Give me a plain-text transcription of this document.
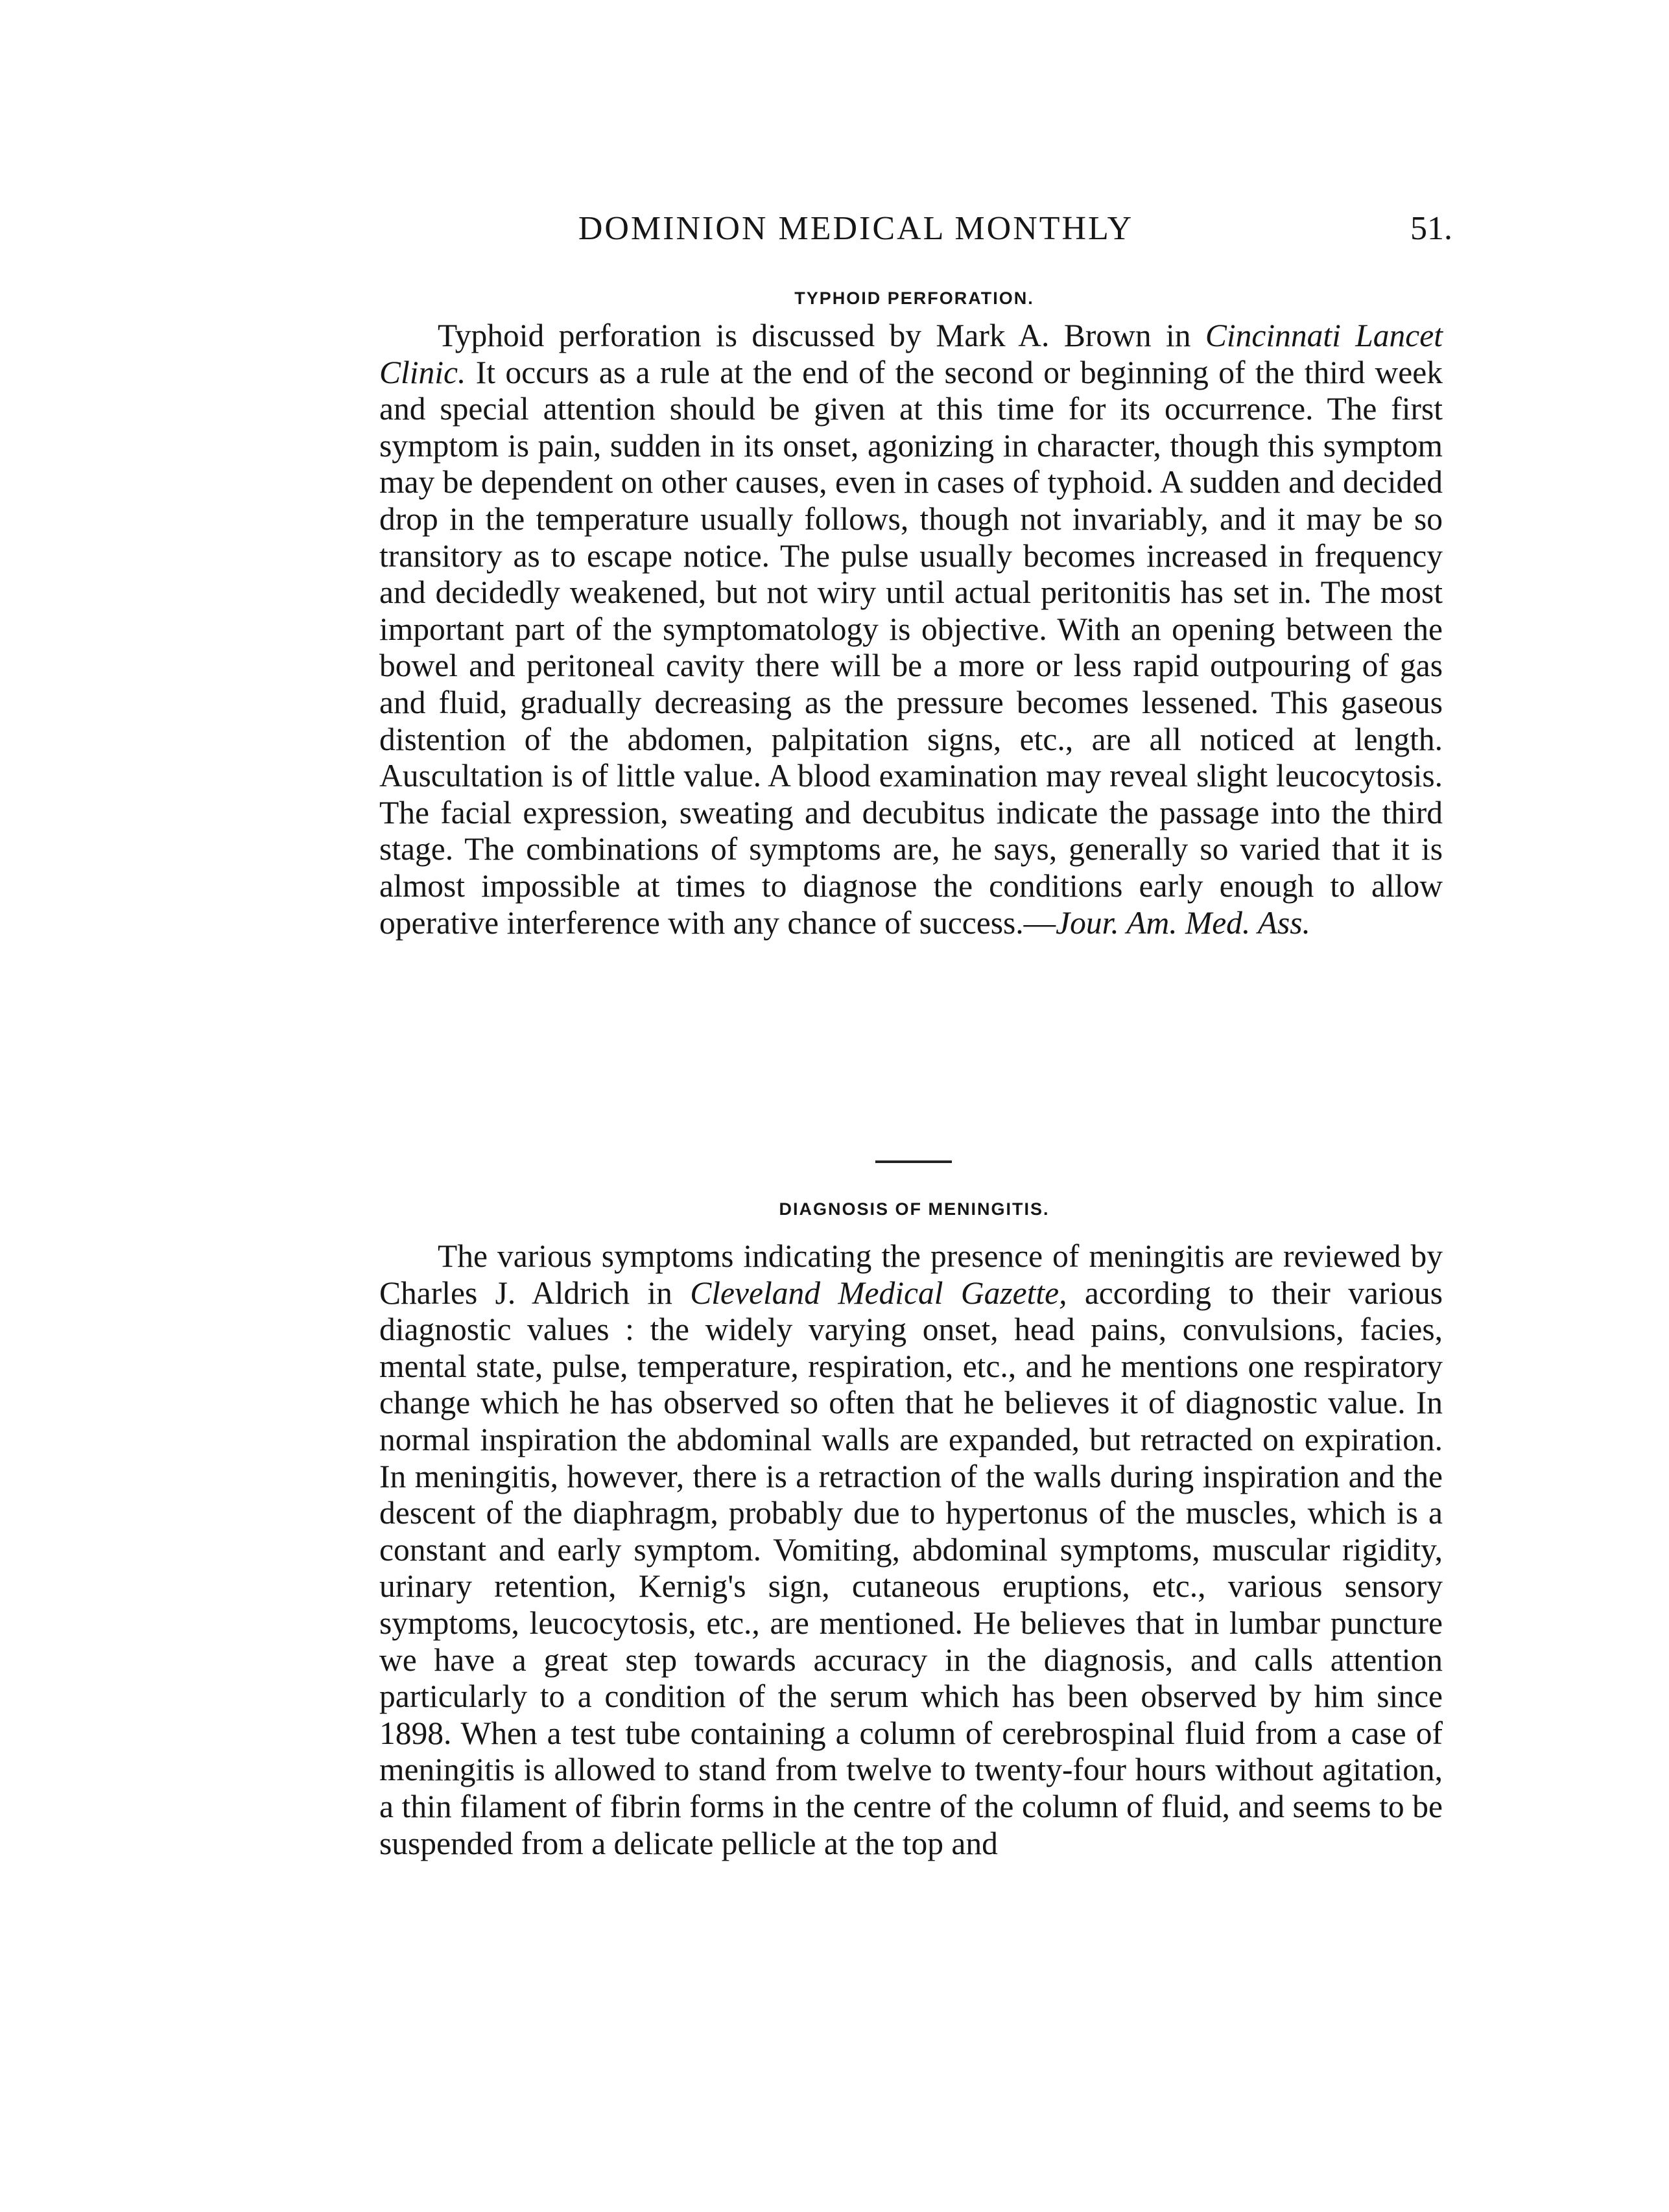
DOMINION MEDICAL MONTHLY	51.
TYPHOID PERFORATION.

Typhoid perforation is discussed by Mark A. Brown in Cincinnati Lancet Clinic. It occurs as a rule at the end of the second or beginning of the third week and special attention should be given at this time for its occurrence. The first symptom is pain, sudden in its onset, agonizing in character, though this symptom may be dependent on other causes, even in cases of typhoid. A sudden and decided drop in the temperature usually follows, though not invariably, and it may be so transitory as to escape notice. The pulse usually becomes increased in frequency and decidedly weakened, but not wiry until actual peritonitis has set in. The most important part of the symptomatology is objective. With an opening between the bowel and peritoneal cavity there will be a more or less rapid outpouring of gas and fluid, gradually decreasing as the pressure becomes lessened. This gaseous distention of the abdomen, palpitation signs, etc., are all noticed at length. Auscultation is of little value. A blood examination may reveal slight leucocytosis. The facial expression, sweating and decubitus indicate the passage into the third stage. The combinations of symptoms are, he says, generally so varied that it is almost impossible at times to diagnose the conditions early enough to allow operative interference with any chance of success.—Jour. Am. Med. Ass.

DIAGNOSIS OF MENINGITIS.

The various symptoms indicating the presence of meningitis are reviewed by Charles J. Aldrich in Cleveland Medical Gazette, according to their various diagnostic values : the widely varying onset, head pains, convulsions, facies, mental state, pulse, temperature, respiration, etc., and he mentions one respiratory change which he has observed so often that he believes it of diagnostic value. In normal inspiration the abdominal walls are expanded, but retracted on expiration. In meningitis, however, there is a retraction of the walls during inspiration and the descent of the diaphragm, probably due to hypertonus of the muscles, which is a constant and early symptom. Vomiting, abdominal symptoms, muscular rigidity, urinary retention, Kernig's sign, cutaneous eruptions, etc., various sensory symptoms, leucocytosis, etc., are mentioned. He believes that in lumbar puncture we have a great step towards accuracy in the diagnosis, and calls attention particularly to a condition of the serum which has been observed by him since 1898. When a test tube containing a column of cerebrospinal fluid from a case of meningitis is allowed to stand from twelve to twenty-four hours without agitation, a thin filament of fibrin forms in the centre of the column of fluid, and seems to be suspended from a delicate pellicle at the top and
